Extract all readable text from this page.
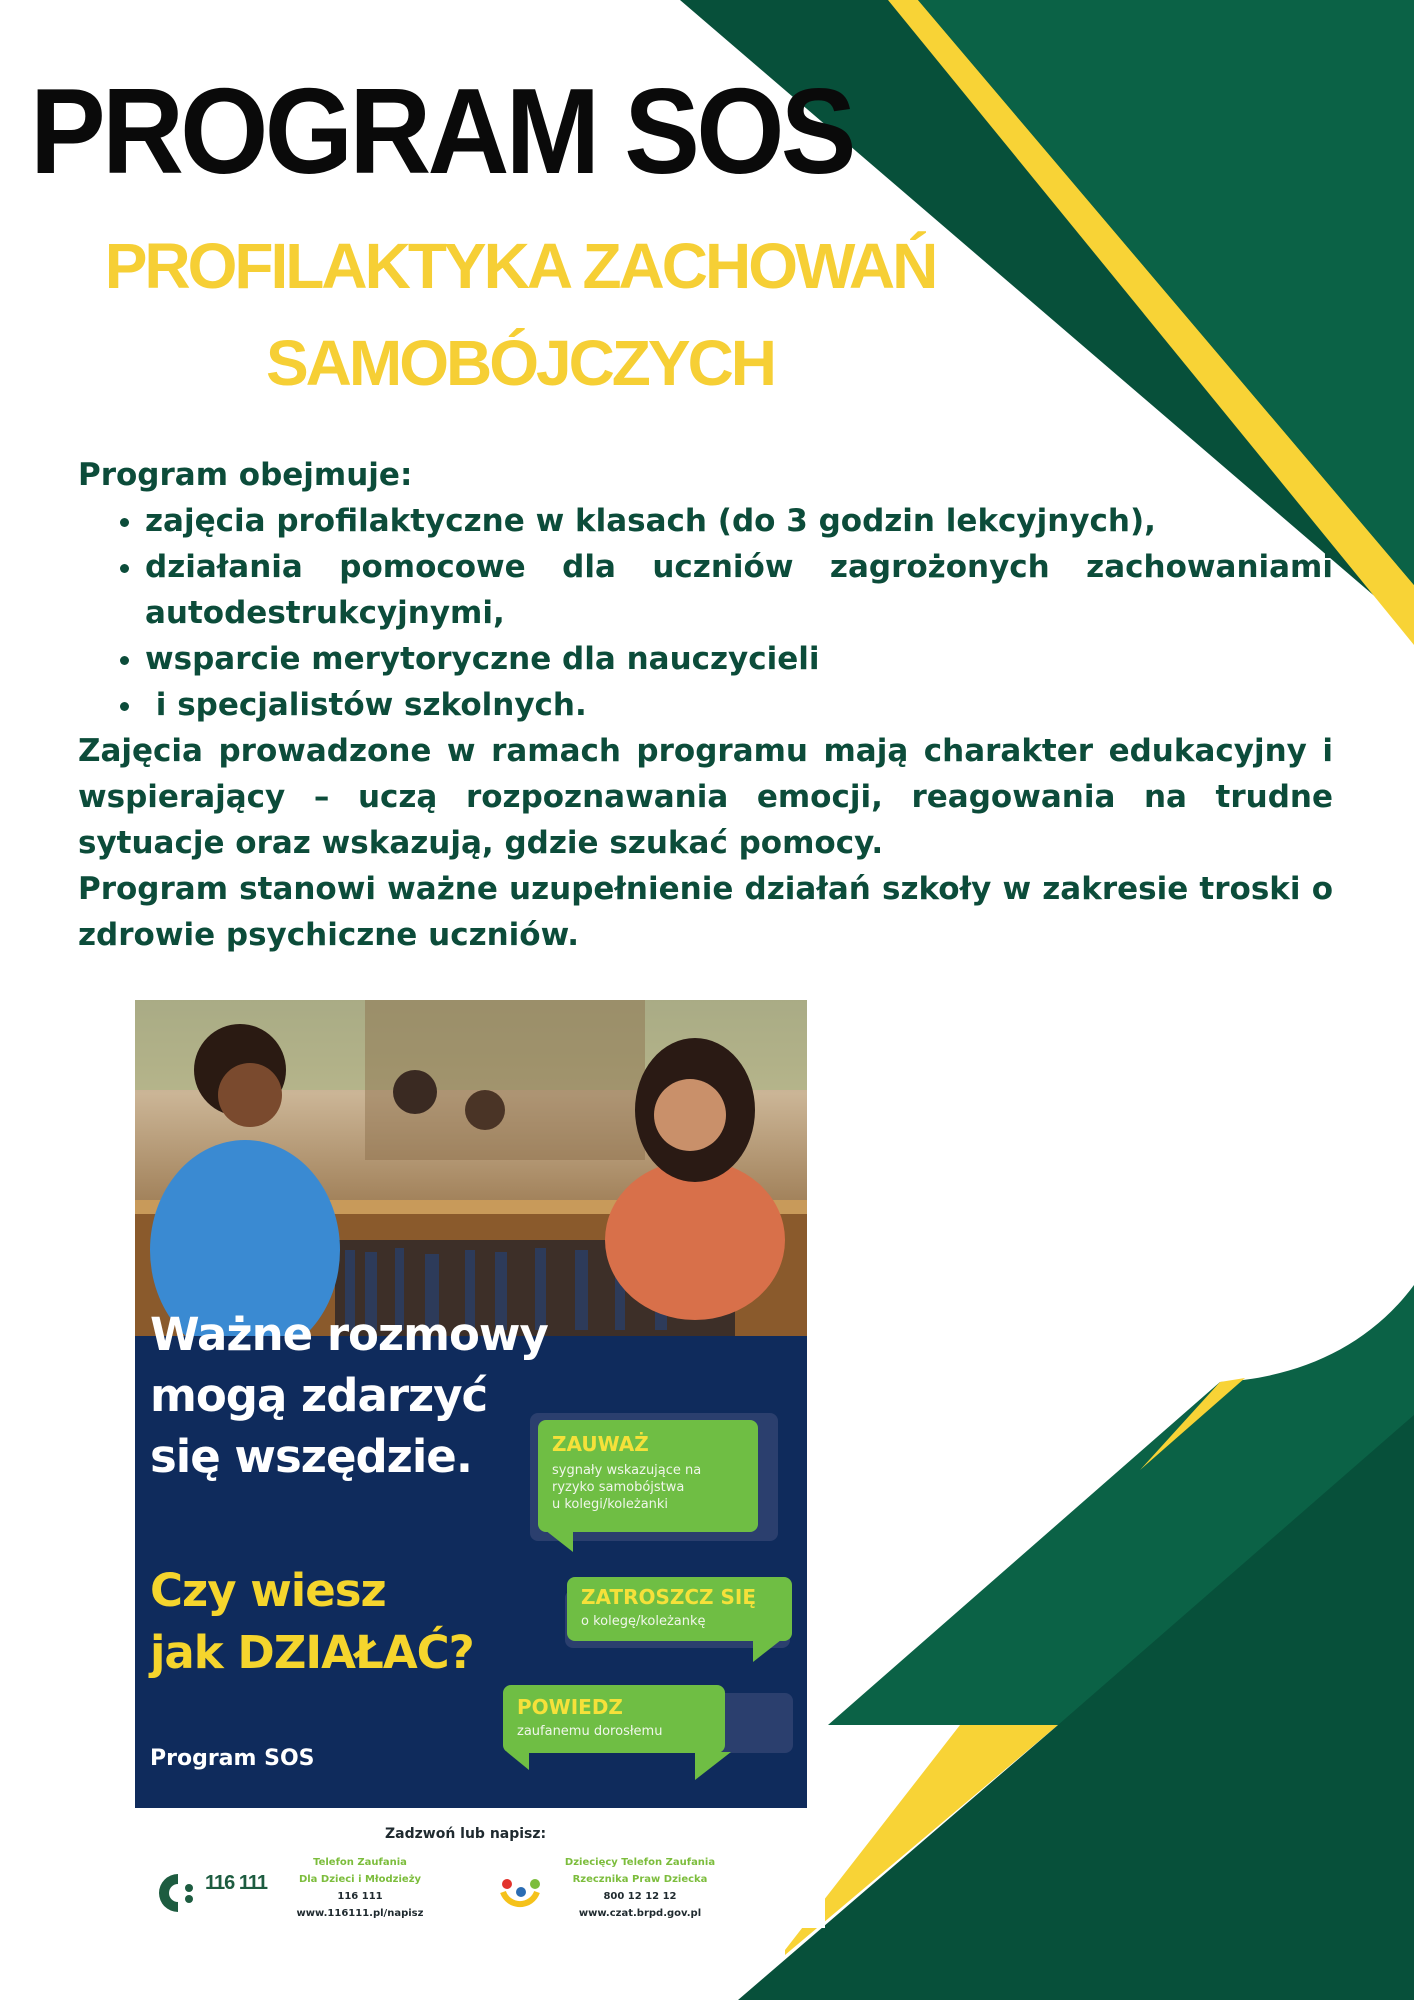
PROGRAM SOS
PROFILAKTYKA ZACHOWAŃ
SAMOBÓJCZYCH

Program obejmuje:

• zajęcia profilaktyczne w klasach (do 3 godzin lekcyjnych),
• działania pomocowe dla uczniów zagrożonych zachowaniami autodestrukcyjnymi,
• wsparcie merytoryczne dla nauczycieli
•  i specjalistów szkolnych.

Zajęcia prowadzone w ramach programu mają charakter edukacyjny i wspierający – uczą rozpoznawania emocji, reagowania na trudne sytuacje oraz wskazują, gdzie szukać pomocy.

Program stanowi ważne uzupełnienie działań szkoły w zakresie troski o zdrowie psychiczne uczniów.

Ważne rozmowy
mogą zdarzyć
się wszędzie.
Czy wiesz
jak DZIAŁAĆ?
ZAUWAŻ
sygnały wskazujące na
ryzyko samobójstwa
u kolegi/koleżanki
ZATROSZCZ SIĘ
o kolegę/koleżankę
POWIEDZ
zaufanemu dorosłemu
Program SOS
Zadzwoń lub napisz:
116 111
Telefon Zaufania
Dla Dzieci i Młodzieży
116 111
www.116111.pl/napisz
Dziecięcy Telefon Zaufania
Rzecznika Praw Dziecka
800 12 12 12
www.czat.brpd.gov.pl
